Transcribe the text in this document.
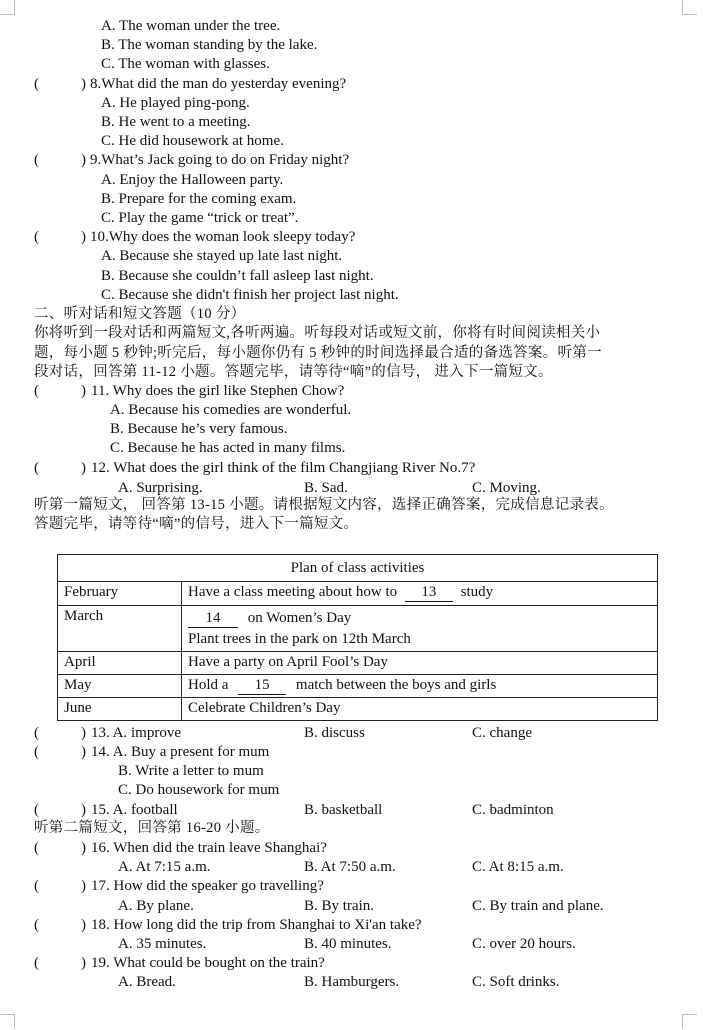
A. The woman under the tree.
B. The woman standing by the lake.
C. The woman with glasses.
(	) 8.What did the man do yesterday evening?
A. He played ping-pong.
B. He went to a meeting.
C. He did housework at home.
(	) 9.What’s Jack going to do on Friday night?
A. Enjoy the Halloween party.
B. Prepare for the coming exam.
C. Play the game “trick or treat”.
(	) 10.Why does the woman look sleepy today?
A. Because she stayed up late last night.
B. Because she couldn’t fall asleep last night.
C. Because she didn't finish her project last night.
二、听对话和短文答题（10 分）
你将听到一段对话和两篇短文,各听两遍。听每段对话或短文前，你将有时间阅读相关小
题，每小题 5 秒钟;听完后，每小题你仍有 5 秒钟的时间选择最合适的备选答案。听第一
段对话，回答第 11-12 小题。答题完毕，请等待“嘀”的信号， 进入下一篇短文。
(	) 11. Why does the girl like Stephen Chow?
A. Because his comedies are wonderful.
B. Because he’s very famous.
C. Because he has acted in many films.
(	) 12. What does the girl think of the film Changjiang River No.7?
A. Surprising.	B. Sad.	C. Moving.
听第一篇短文， 回答第 13-15 小题。请根据短文内容，选择正确答案，完成信息记录表。
答题完毕，请等待“嘀”的信号，进入下一篇短文。
Plan of class activities	
February	Have a class meeting about how to 13 study
March	14 on Women’s Day
Plant trees in the park on 12th March

April	Have a party on April Fool’s Day
May	Hold a 15 match between the boys and girls
June	Celebrate Children’s Day
(	) 13. A. improve	B. discuss	C. change
(	) 14. A. Buy a present for mum
B. Write a letter to mum
C. Do housework for mum
(	) 15. A. football	B. basketball	C. badminton
听第二篇短文，回答第 16-20 小题。
(	) 16. When did the train leave Shanghai?
A. At 7:15 a.m.	B. At 7:50 a.m.	C. At 8:15 a.m.
(	) 17. How did the speaker go travelling?
A. By plane.	B. By train.	C. By train and plane.
(	) 18. How long did the trip from Shanghai to Xi'an take?
A. 35 minutes.	B. 40 minutes.	C. over 20 hours.
(	) 19. What could be bought on the train?
A. Bread.	B. Hamburgers.	C. Soft drinks.
